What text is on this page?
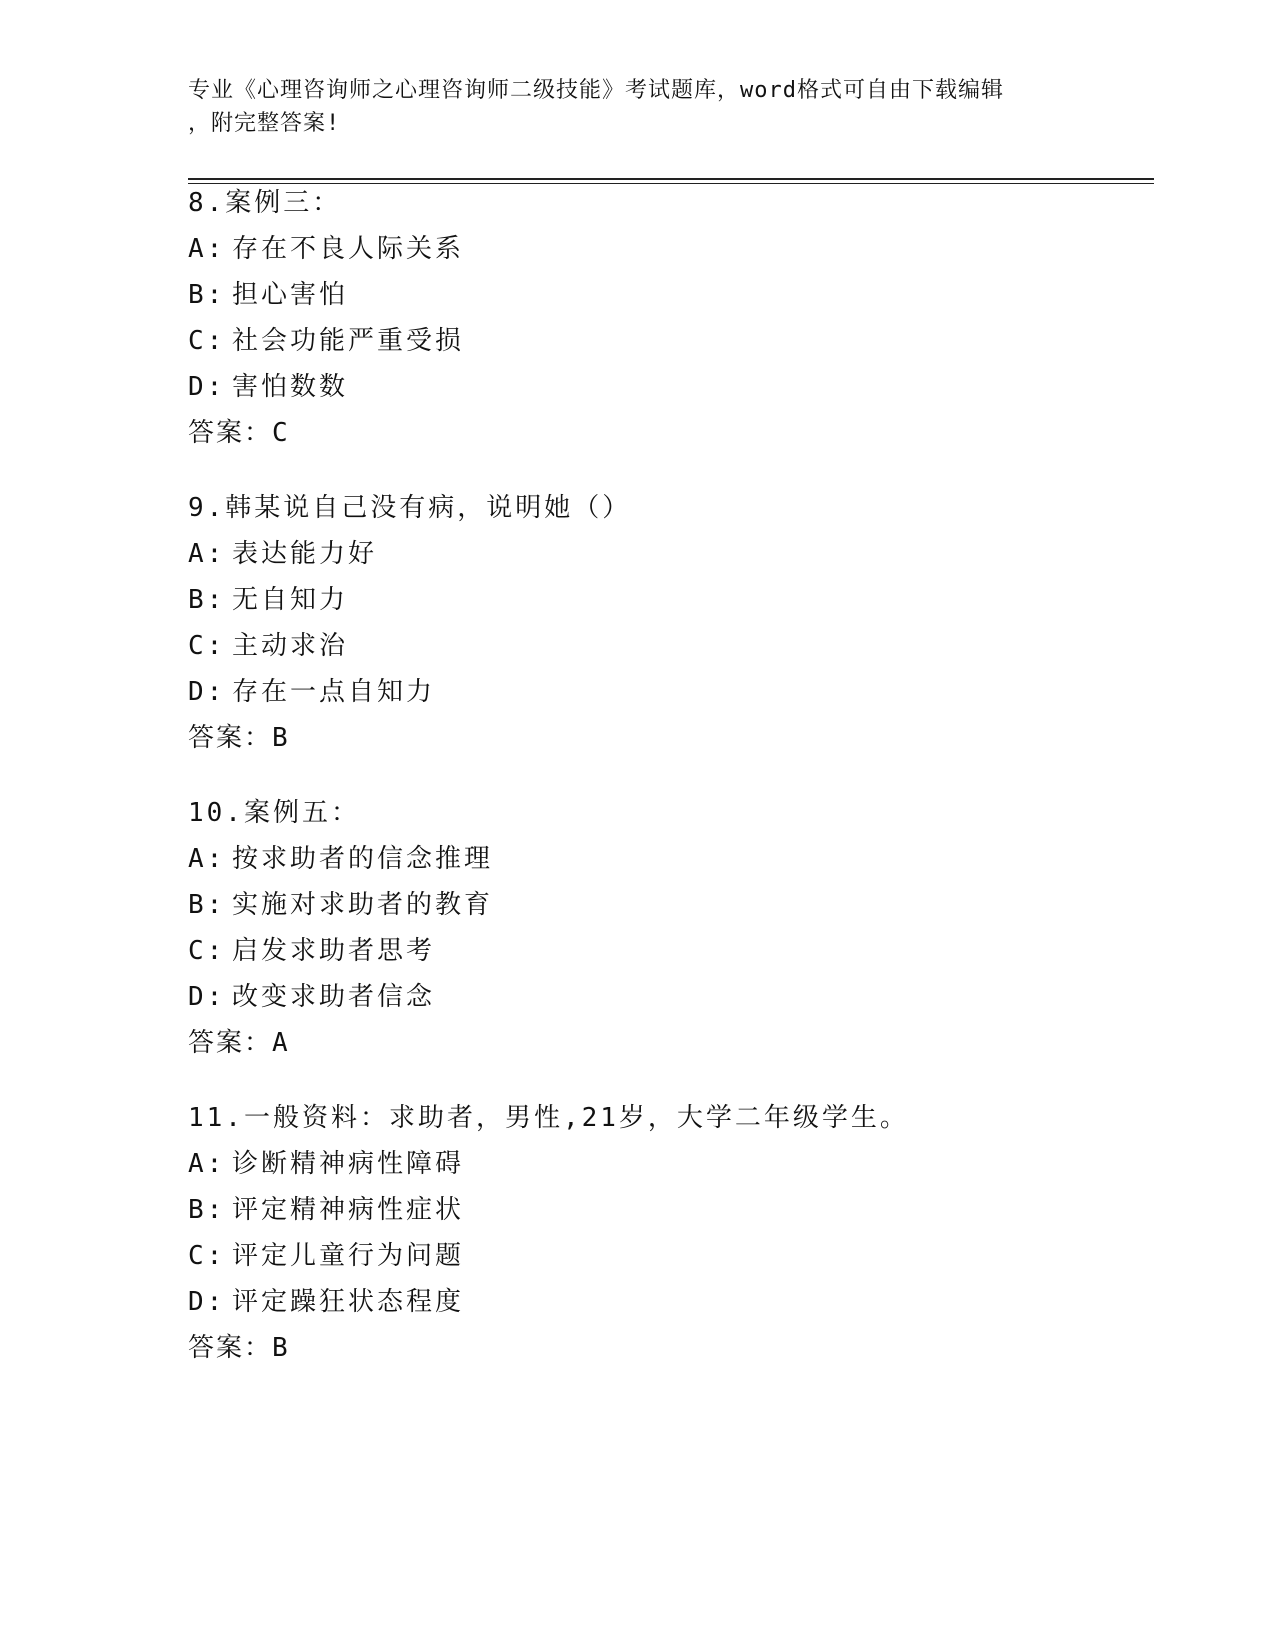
专业《心理咨询师之心理咨询师二级技能》考试题库，word格式可自由下载编辑
，附完整答案!
8.案例三：
A: 存在不良人际关系
B: 担心害怕
C: 社会功能严重受损
D: 害怕数数
答案：C
9.韩某说自己没有病，说明她（）
A: 表达能力好
B: 无自知力
C: 主动求治
D: 存在一点自知力
答案：B
10.案例五：
A: 按求助者的信念推理
B: 实施对求助者的教育
C: 启发求助者思考
D: 改变求助者信念
答案：A
11.一般资料：求助者，男性,21岁，大学二年级学生。
A: 诊断精神病性障碍
B: 评定精神病性症状
C: 评定儿童行为问题
D: 评定躁狂状态程度
答案：B
